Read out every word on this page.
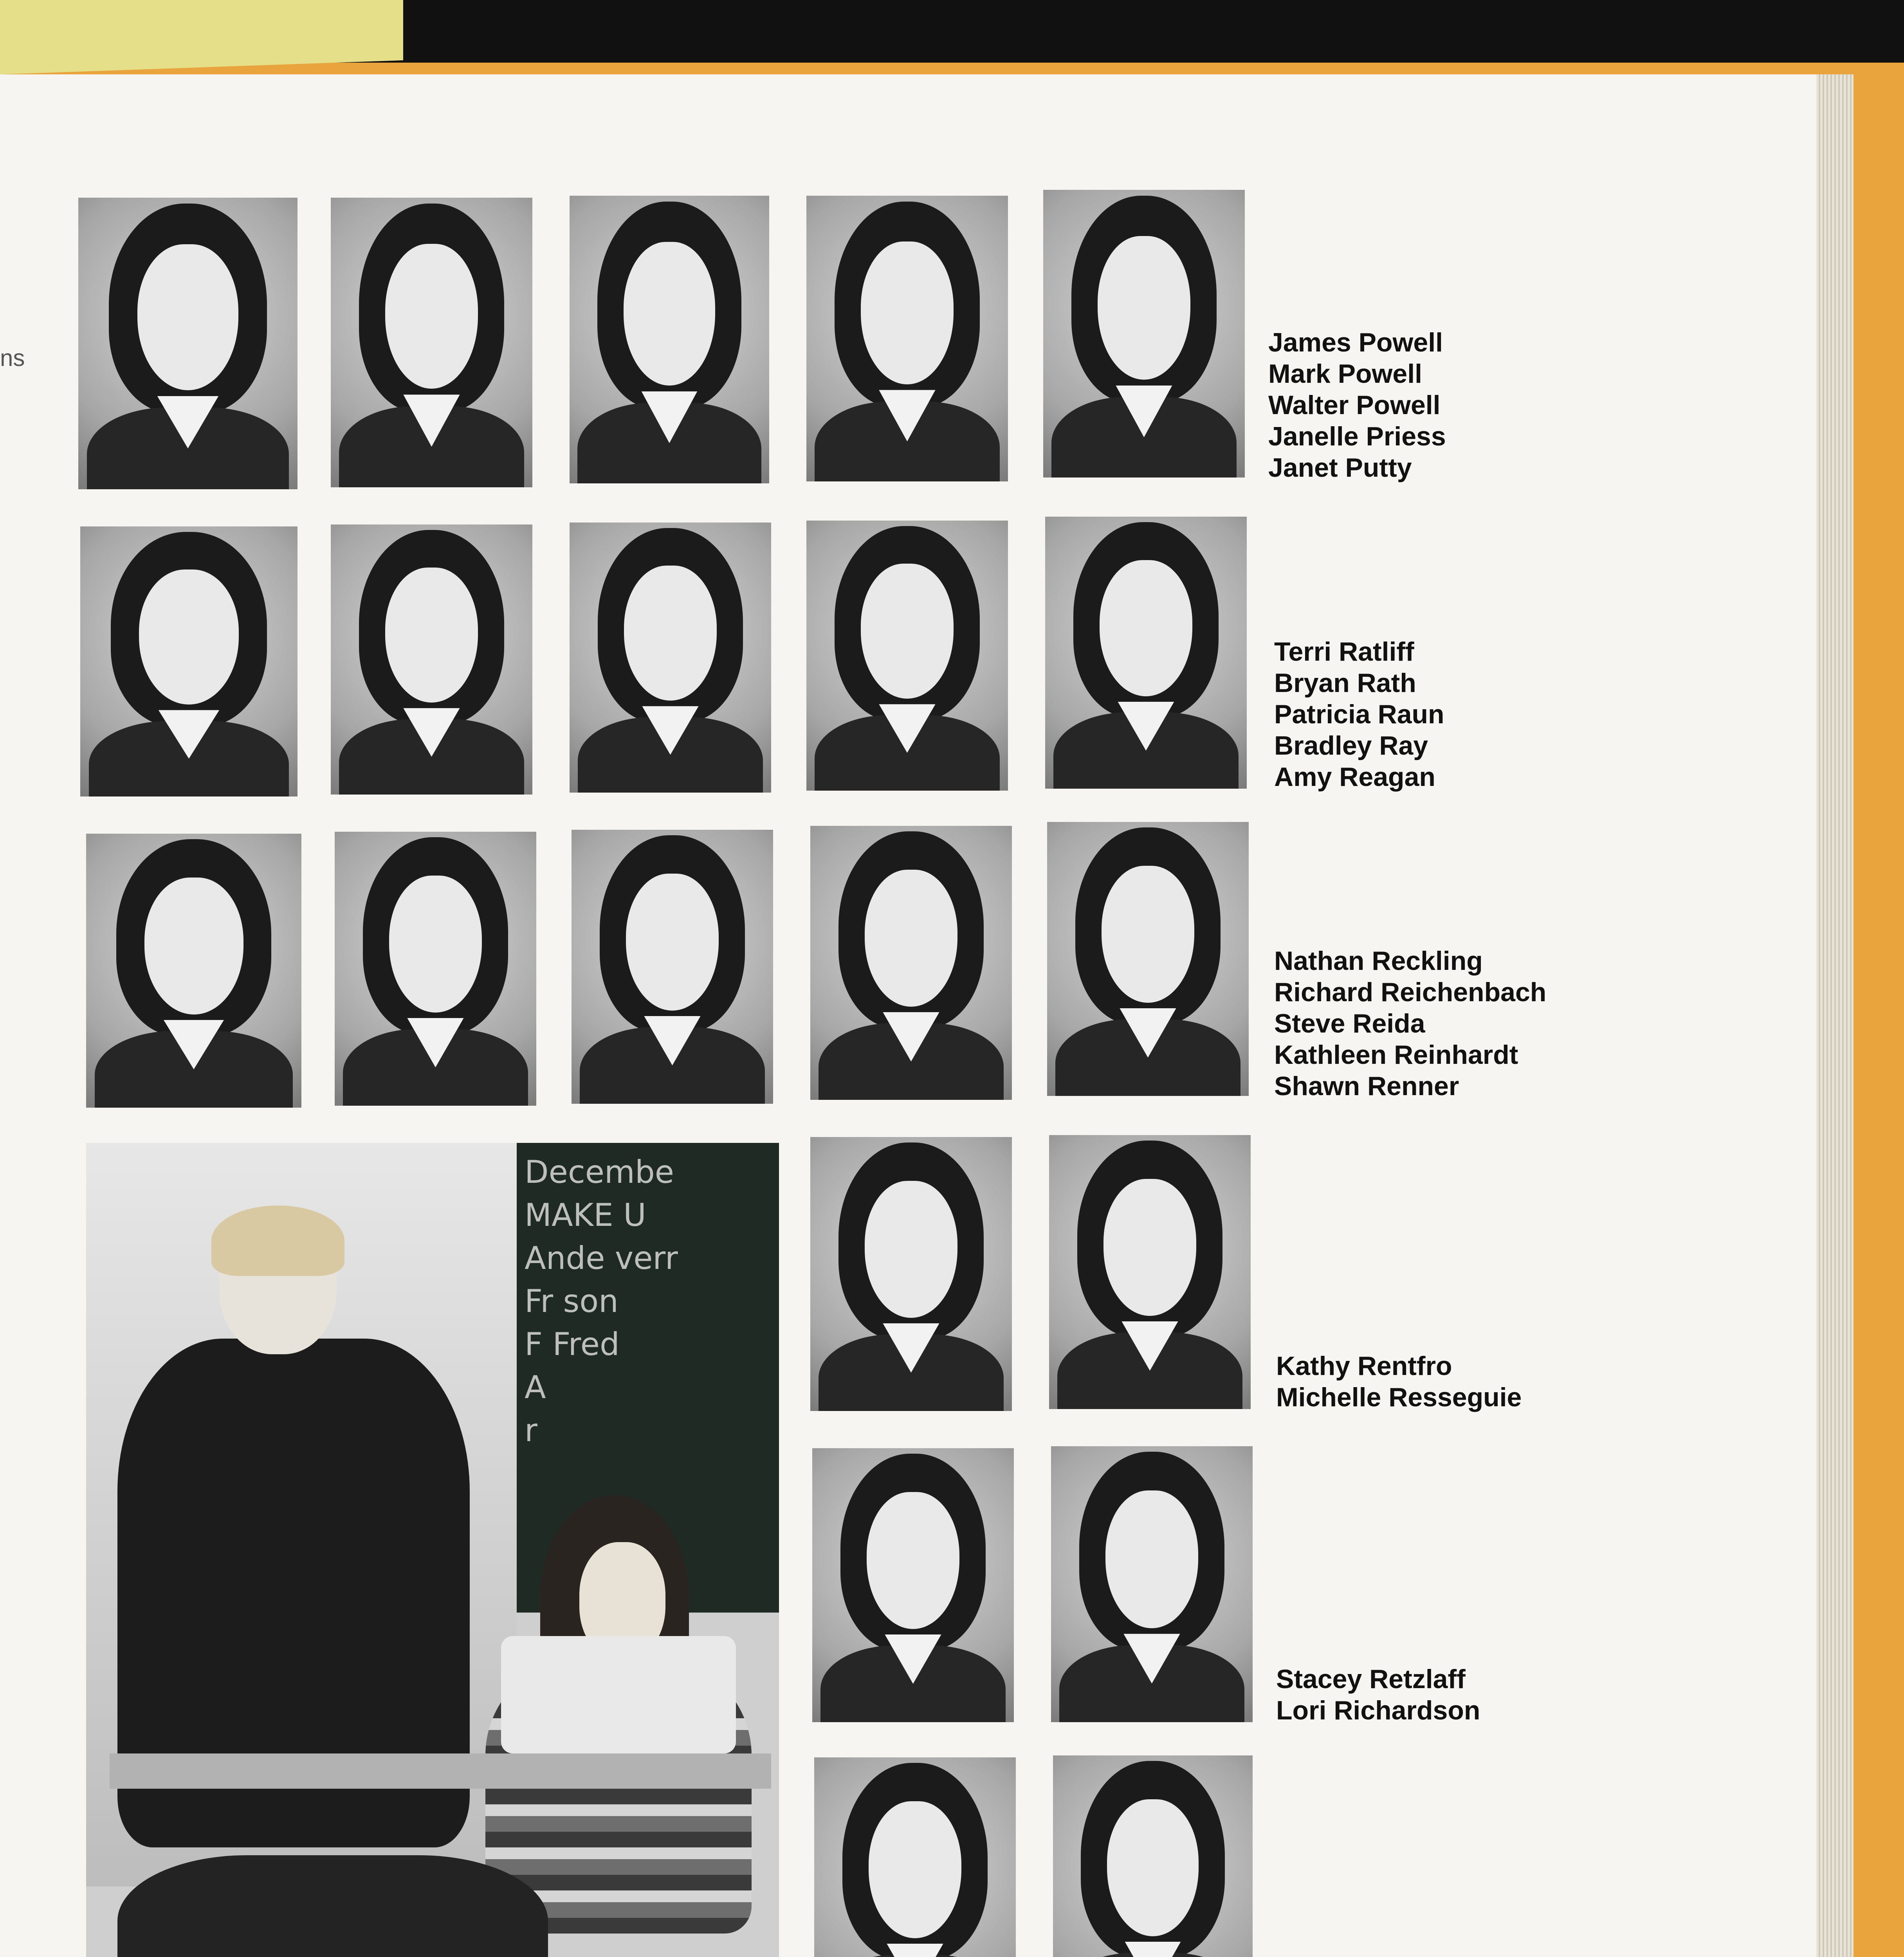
ns
James Powell
Mark Powell
Walter Powell
Janelle Priess
Janet Putty
Terri Ratliff
Bryan Rath
Patricia Raun
Bradley Ray
Amy Reagan
Nathan Reckling
Richard Reichenbach
Steve Reida
Kathleen Reinhardt
Shawn Renner
Decembe
MAKE U
Ande verr
Fr son
F Fred
A
r
Kathy Rentfro
Michelle Resseguie
Stacey Retzlaff
Lori Richardson
